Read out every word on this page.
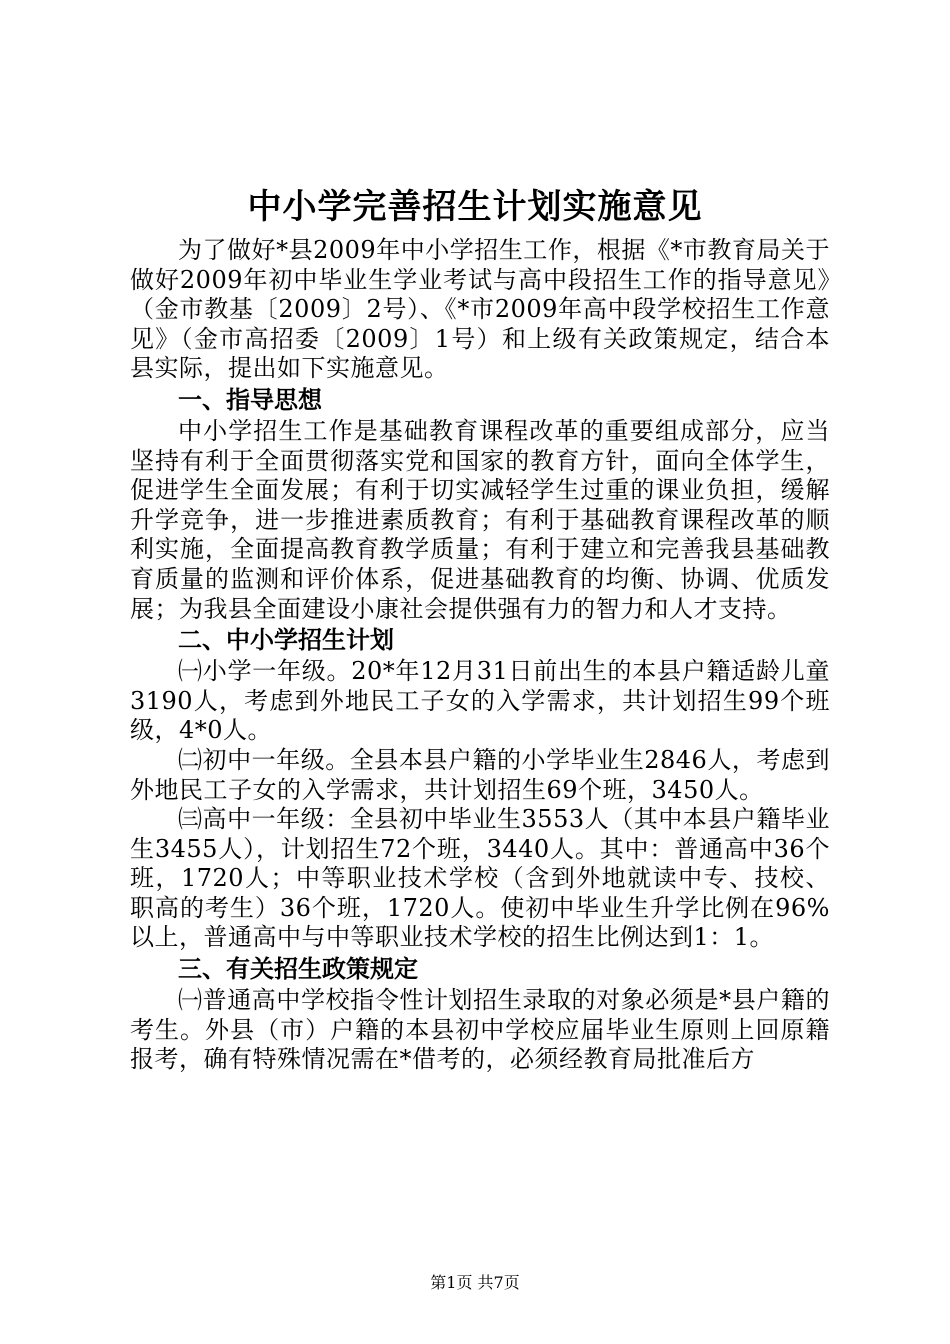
中小学完善招生计划实施意见

为了做好*县2009年中小学招生工作，根据《*市教育局关于做好2009年初中毕业生学业考试与高中段招生工作的指导意见》（金市教基〔2009〕2号）、《*市2009年高中段学校招生工作意见》（金市高招委〔2009〕1号）和上级有关政策规定，结合本县实际，提出如下实施意见。

一、指导思想

中小学招生工作是基础教育课程改革的重要组成部分，应当坚持有利于全面贯彻落实党和国家的教育方针，面向全体学生，促进学生全面发展；有利于切实减轻学生过重的课业负担，缓解升学竞争，进一步推进素质教育；有利于基础教育课程改革的顺利实施，全面提高教育教学质量；有利于建立和完善我县基础教育质量的监测和评价体系，促进基础教育的均衡、协调、优质发展；为我县全面建设小康社会提供强有力的智力和人才支持。

二、中小学招生计划

㈠小学一年级。20*年12月31日前出生的本县户籍适龄儿童3190人，考虑到外地民工子女的入学需求，共计划招生99个班级，4*0人。

㈡初中一年级。全县本县户籍的小学毕业生2846人，考虑到外地民工子女的入学需求，共计划招生69个班，3450人。

㈢高中一年级：全县初中毕业生3553人（其中本县户籍毕业生3455人），计划招生72个班，3440人。其中：普通高中36个班，1720人；中等职业技术学校（含到外地就读中专、技校、职高的考生）36个班，1720人。使初中毕业生升学比例在96%以上，普通高中与中等职业技术学校的招生比例达到1：1。

三、有关招生政策规定

㈠普通高中学校指令性计划招生录取的对象必须是*县户籍的考生。外县（市）户籍的本县初中学校应届毕业生原则上回原籍报考，确有特殊情况需在*借考的，必须经教育局批准后方

第1页 共7页
